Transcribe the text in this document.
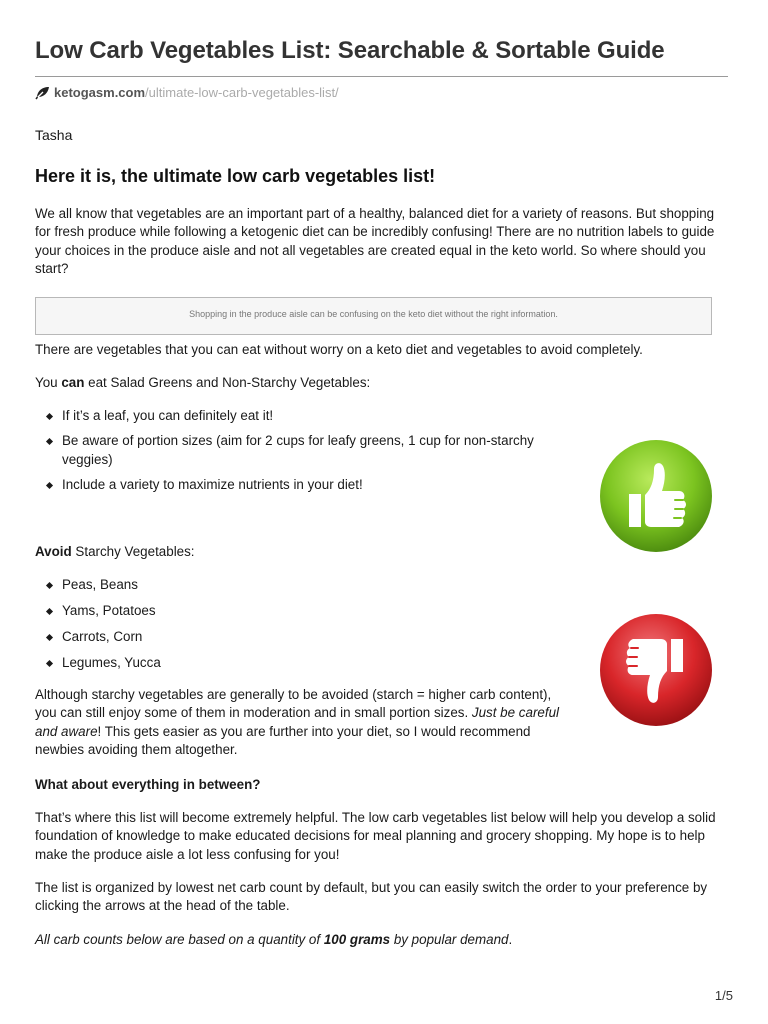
Low Carb Vegetables List: Searchable & Sortable Guide
ketogasm.com /ultimate-low-carb-vegetables-list/
Tasha
Here it is, the ultimate low carb vegetables list!

We all know that vegetables are an important part of a healthy, balanced diet for a variety of reasons. But shopping for fresh produce while following a ketogenic diet can be incredibly confusing! There are no nutrition labels to guide your choices in the produce aisle and not all vegetables are created equal in the keto world. So where should you start?

Shopping in the produce aisle can be confusing on the keto diet without the right information.

There are vegetables that you can eat without worry on a keto diet and vegetables to avoid completely.

You can eat Salad Greens and Non-Starchy Vegetables:

If it’s a leaf, you can definitely eat it!
Be aware of portion sizes (aim for 2 cups for leafy greens, 1 cup for non-starchy veggies)
Include a variety to maximize nutrients in your diet!

Avoid Starchy Vegetables:

Peas, Beans
Yams, Potatoes
Carrots, Corn
Legumes, Yucca

Although starchy vegetables are generally to be avoided (starch = higher carb content), you can still enjoy some of them in moderation and in small portion sizes. Just be careful and aware! This gets easier as you are further into your diet, so I would recommend newbies avoiding them altogether.

What about everything in between?

That’s where this list will become extremely helpful. The low carb vegetables list below will help you develop a solid foundation of knowledge to make educated decisions for meal planning and grocery shopping. My hope is to help make the produce aisle a lot less confusing for you!

The list is organized by lowest net carb count by default, but you can easily switch the order to your preference by clicking the arrows at the head of the table.

All carb counts below are based on a quantity of 100 grams by popular demand.

1/5
